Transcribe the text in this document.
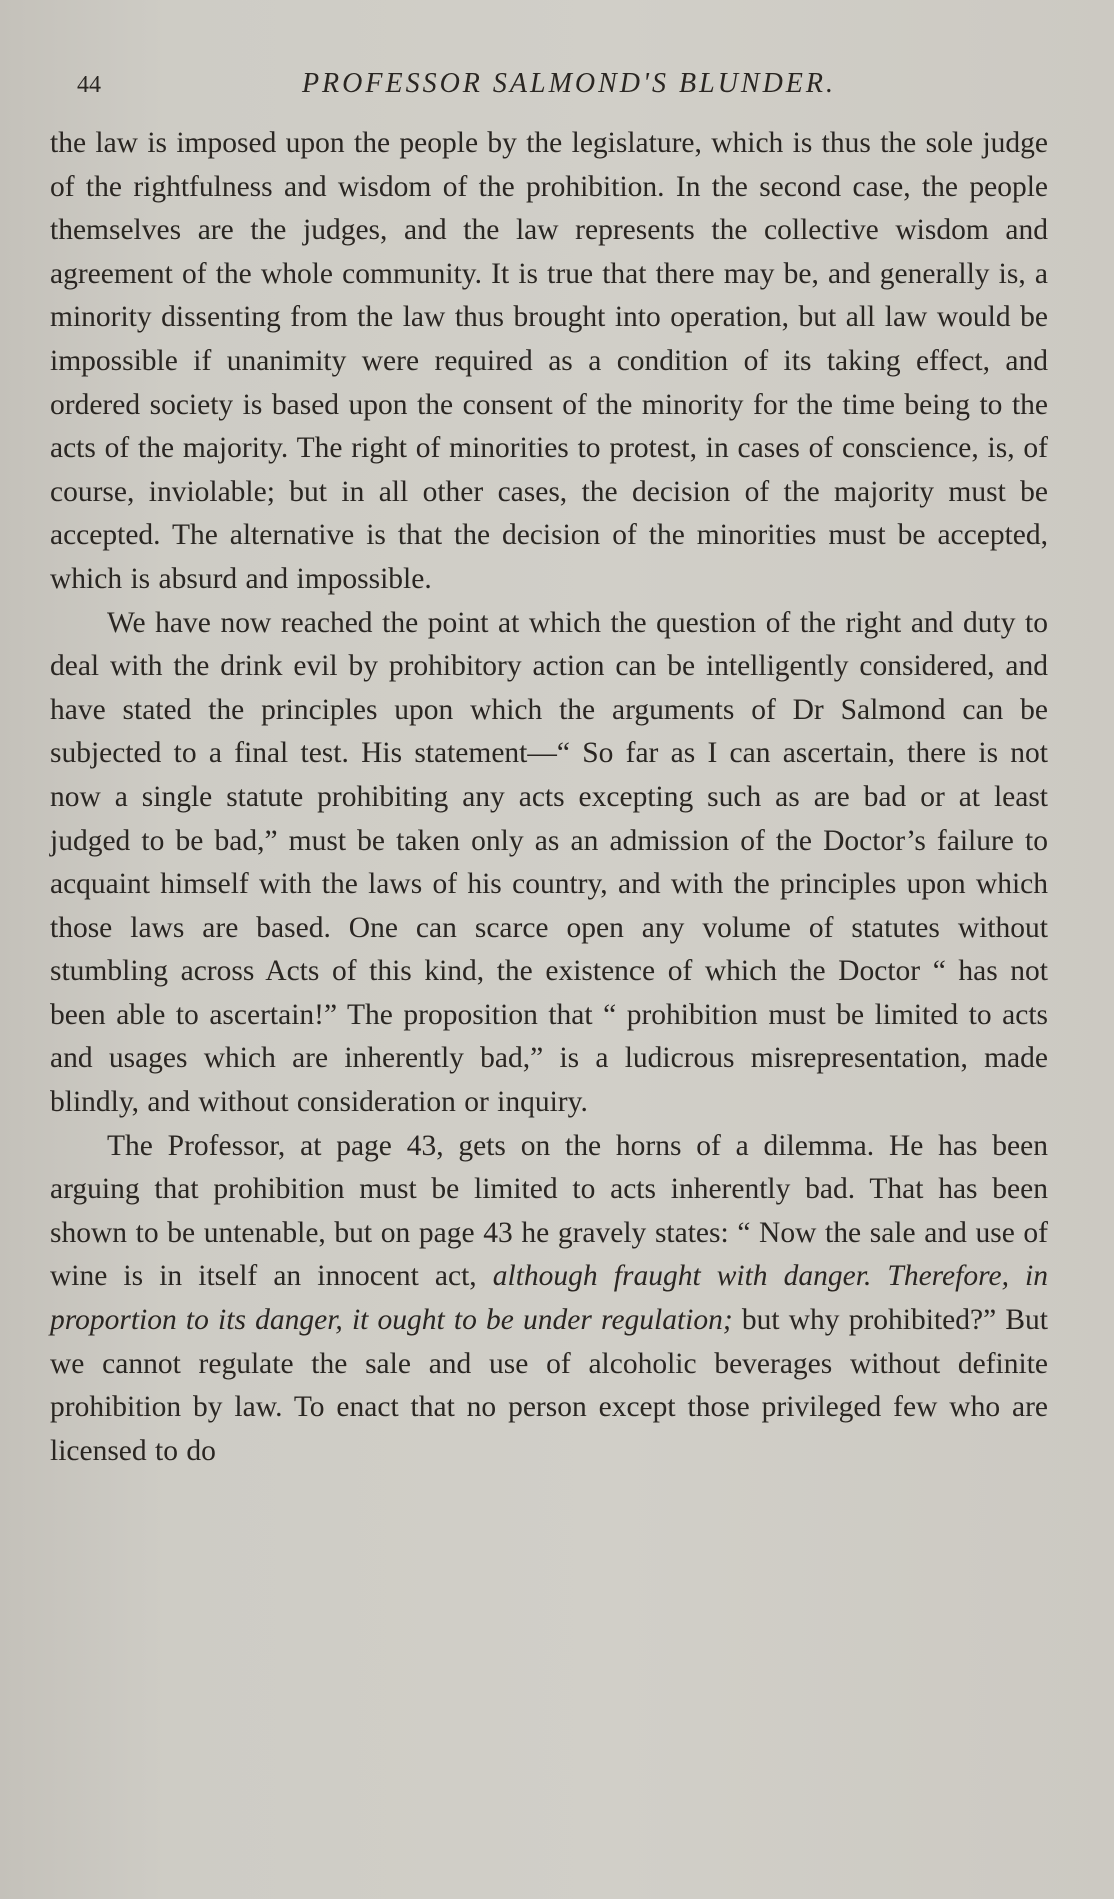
44	PROFESSOR SALMOND'S BLUNDER.

the law is imposed upon the people by the legislature, which is thus the sole judge of the rightfulness and wisdom of the prohibition. In the second case, the people themselves are the judges, and the law represents the collective wisdom and agreement of the whole community. It is true that there may be, and generally is, a minority dissenting from the law thus brought into operation, but all law would be impossible if unanimity were required as a condition of its taking effect, and ordered society is based upon the consent of the minority for the time being to the acts of the majority. The right of minorities to protest, in cases of conscience, is, of course, inviolable; but in all other cases, the decision of the majority must be accepted. The alternative is that the decision of the minorities must be accepted, which is absurd and impossible.

We have now reached the point at which the question of the right and duty to deal with the drink evil by prohibitory action can be intelligently considered, and have stated the principles upon which the arguments of Dr Salmond can be subjected to a final test. His statement—“ So far as I can ascertain, there is not now a single statute prohibiting any acts excepting such as are bad or at least judged to be bad,” must be taken only as an admission of the Doctor’s failure to acquaint himself with the laws of his country, and with the principles upon which those laws are based. One can scarce open any volume of statutes without stumbling across Acts of this kind, the existence of which the Doctor “ has not been able to ascertain!” The proposition that “ prohibition must be limited to acts and usages which are inherently bad,” is a ludicrous misrepresentation, made blindly, and without consideration or inquiry.

The Professor, at page 43, gets on the horns of a dilemma. He has been arguing that prohibition must be limited to acts inherently bad. That has been shown to be untenable, but on page 43 he gravely states: “ Now the sale and use of wine is in itself an innocent act, although fraught with danger. Therefore, in proportion to its danger, it ought to be under regulation; but why prohibited?” But we cannot regulate the sale and use of alcoholic beverages without definite prohibition by law. To enact that no person except those privileged few who are licensed to do
